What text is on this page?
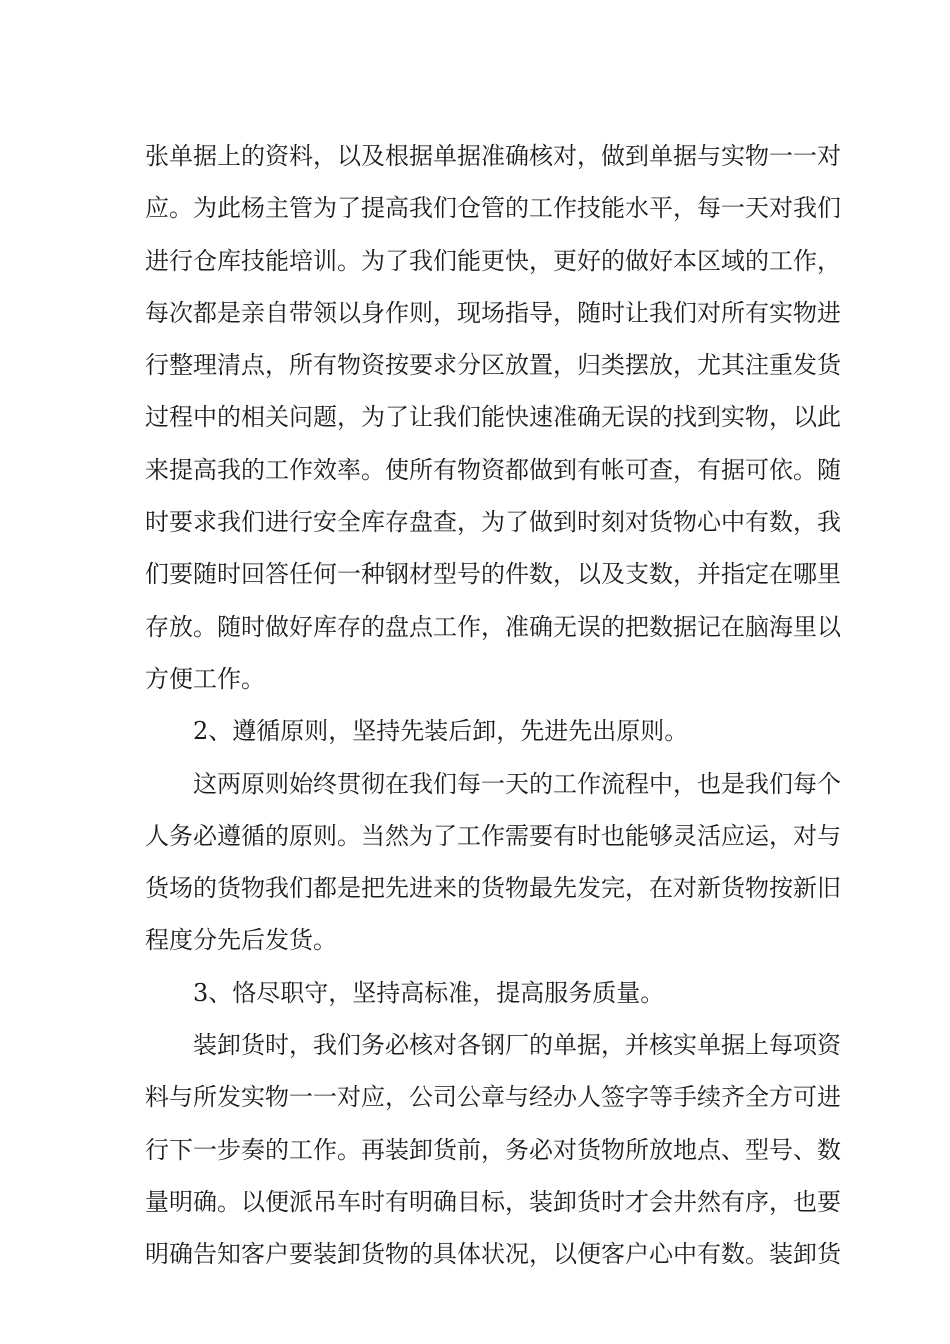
张单据上的资料，以及根据单据准确核对，做到单据与实物一一对
应。为此杨主管为了提高我们仓管的工作技能水平，每一天对我们
进行仓库技能培训。为了我们能更快，更好的做好本区域的工作，
每次都是亲自带领以身作则，现场指导，随时让我们对所有实物进
行整理清点，所有物资按要求分区放置，归类摆放，尤其注重发货
过程中的相关问题，为了让我们能快速准确无误的找到实物，以此
来提高我的工作效率。使所有物资都做到有帐可查，有据可依。随
时要求我们进行安全库存盘查，为了做到时刻对货物心中有数，我
们要随时回答任何一种钢材型号的件数，以及支数，并指定在哪里
存放。随时做好库存的盘点工作，准确无误的把数据记在脑海里以
方便工作。
2、遵循原则，坚持先装后卸，先进先出原则。
这两原则始终贯彻在我们每一天的工作流程中，也是我们每个
人务必遵循的原则。当然为了工作需要有时也能够灵活应运，对与
货场的货物我们都是把先进来的货物最先发完，在对新货物按新旧
程度分先后发货。
3、恪尽职守，坚持高标准，提高服务质量。
装卸货时，我们务必核对各钢厂的单据，并核实单据上每项资
料与所发实物一一对应，公司公章与经办人签字等手续齐全方可进
行下一步奏的工作。再装卸货前，务必对货物所放地点、型号、数
量明确。以便派吊车时有明确目标，装卸货时才会井然有序，也要
明确告知客户要装卸货物的具体状况，以便客户心中有数。装卸货
